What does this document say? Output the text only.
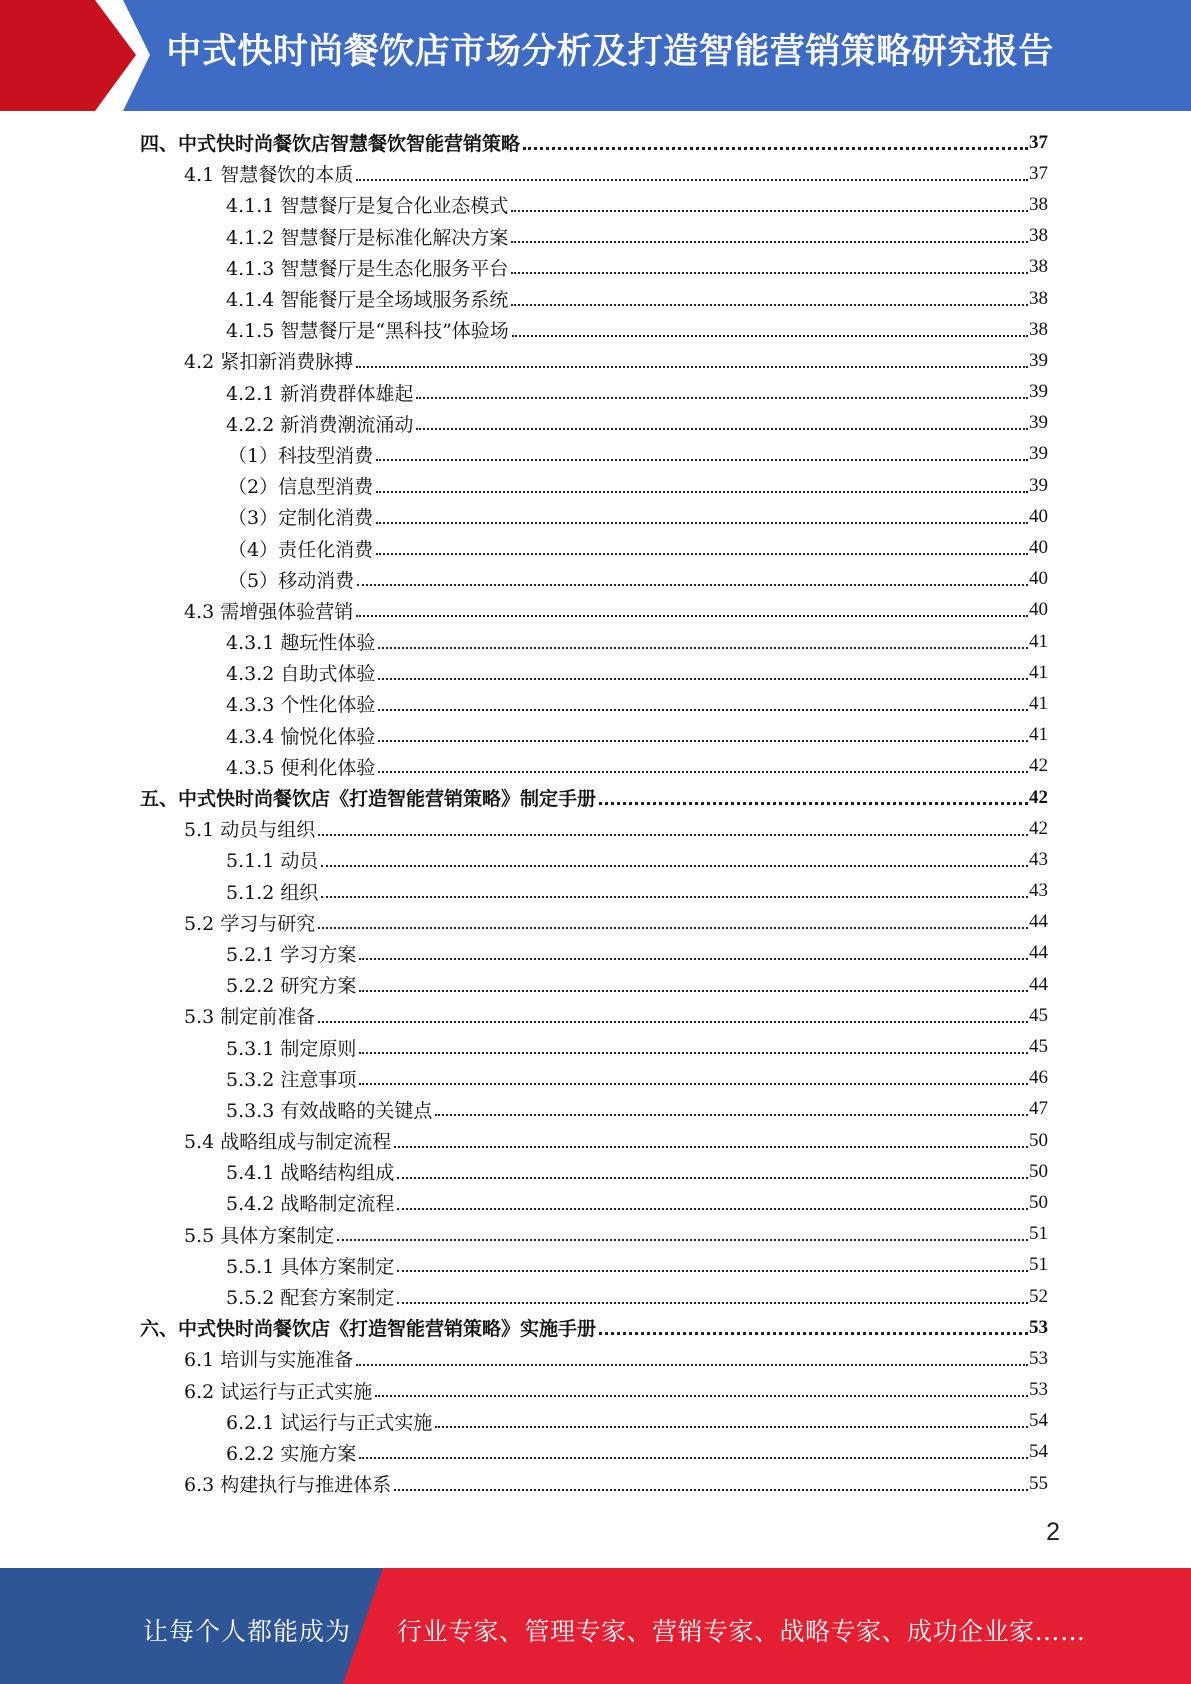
中式快时尚餐饮店市场分析及打造智能营销策略研究报告
四、中式快时尚餐饮店智慧餐饮智能营销策略	37
4.1 智慧餐饮的本质	37
4.1.1 智慧餐厅是复合化业态模式	38
4.1.2 智慧餐厅是标准化解决方案	38
4.1.3 智慧餐厅是生态化服务平台	38
4.1.4 智能餐厅是全场域服务系统	38
4.1.5 智慧餐厅是“黑科技”体验场	38
4.2 紧扣新消费脉搏	39
4.2.1 新消费群体雄起	39
4.2.2 新消费潮流涌动	39
（1）科技型消费	39
（2）信息型消费	39
（3）定制化消费	40
（4）责任化消费	40
（5）移动消费	40
4.3 需增强体验营销	40
4.3.1 趣玩性体验	41
4.3.2 自助式体验	41
4.3.3 个性化体验	41
4.3.4 愉悦化体验	41
4.3.5 便利化体验	42
五、中式快时尚餐饮店《打造智能营销策略》制定手册	42
5.1 动员与组织	42
5.1.1 动员	43
5.1.2 组织	43
5.2 学习与研究	44
5.2.1 学习方案	44
5.2.2 研究方案	44
5.3 制定前准备	45
5.3.1 制定原则	45
5.3.2 注意事项	46
5.3.3 有效战略的关键点	47
5.4 战略组成与制定流程	50
5.4.1 战略结构组成	50
5.4.2 战略制定流程	50
5.5 具体方案制定	51
5.5.1 具体方案制定	51
5.5.2 配套方案制定	52
六、中式快时尚餐饮店《打造智能营销策略》实施手册	53
6.1 培训与实施准备	53
6.2 试运行与正式实施	53
6.2.1 试运行与正式实施	54
6.2.2 实施方案	54
6.3 构建执行与推进体系	55
2
让每个人都能成为 行业专家、管理专家、营销专家、战略专家、成功企业家……
